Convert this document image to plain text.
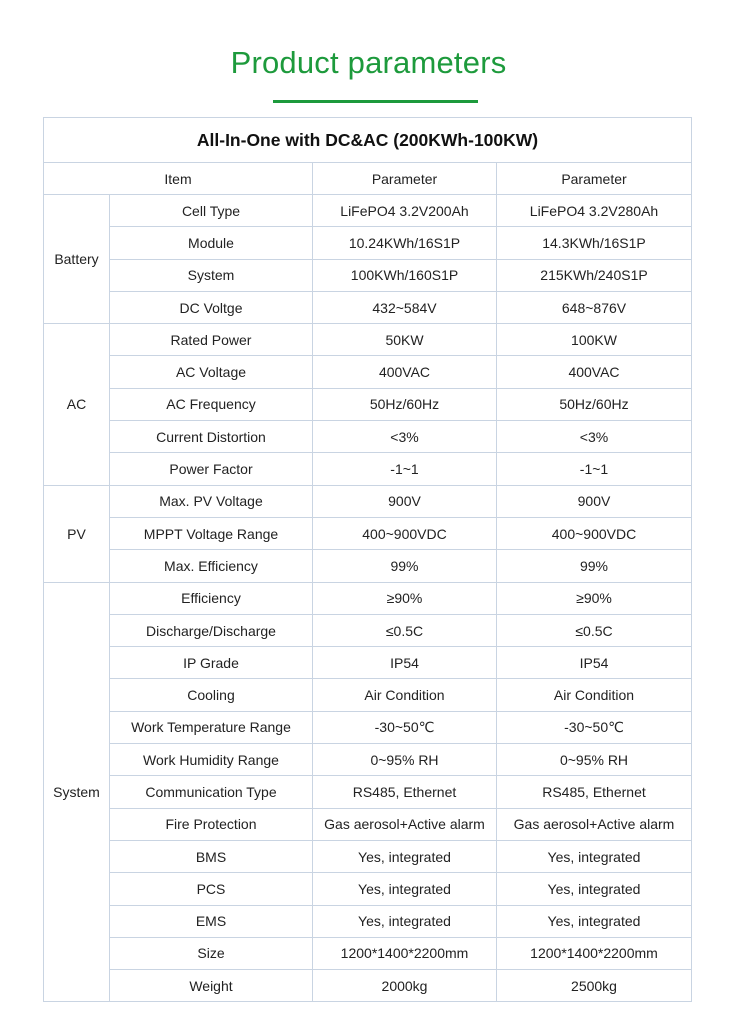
Product parameters
All-In-One with DC&AC (200KWh-100KW)			
Item		Parameter	Parameter
Battery	Cell Type	LiFePO4 3.2V200Ah	LiFePO4 3.2V280Ah
	Module	10.24KWh/16S1P	14.3KWh/16S1P
	System	100KWh/160S1P	215KWh/240S1P
	DC Voltge	432~584V	648~876V
AC	Rated Power	50KW	100KW
	AC Voltage	400VAC	400VAC
	AC Frequency	50Hz/60Hz	50Hz/60Hz
	Current Distortion	<3%	<3%
	Power Factor	-1~1	-1~1
PV	Max. PV Voltage	900V	900V
	MPPT Voltage Range	400~900VDC	400~900VDC
	Max. Efficiency	99%	99%
System	Efficiency	≥90%	≥90%
	Discharge/Discharge	≤0.5C	≤0.5C
	IP Grade	IP54	IP54
	Cooling	Air Condition	Air Condition
	Work Temperature Range	-30~50℃	-30~50℃
	Work Humidity Range	0~95% RH	0~95% RH
	Communication Type	RS485, Ethernet	RS485, Ethernet
	Fire Protection	Gas aerosol+Active alarm	Gas aerosol+Active alarm
	BMS	Yes, integrated	Yes, integrated
	PCS	Yes, integrated	Yes, integrated
	EMS	Yes, integrated	Yes, integrated
	Size	1200*1400*2200mm	1200*1400*2200mm
	Weight	2000kg	2500kg
